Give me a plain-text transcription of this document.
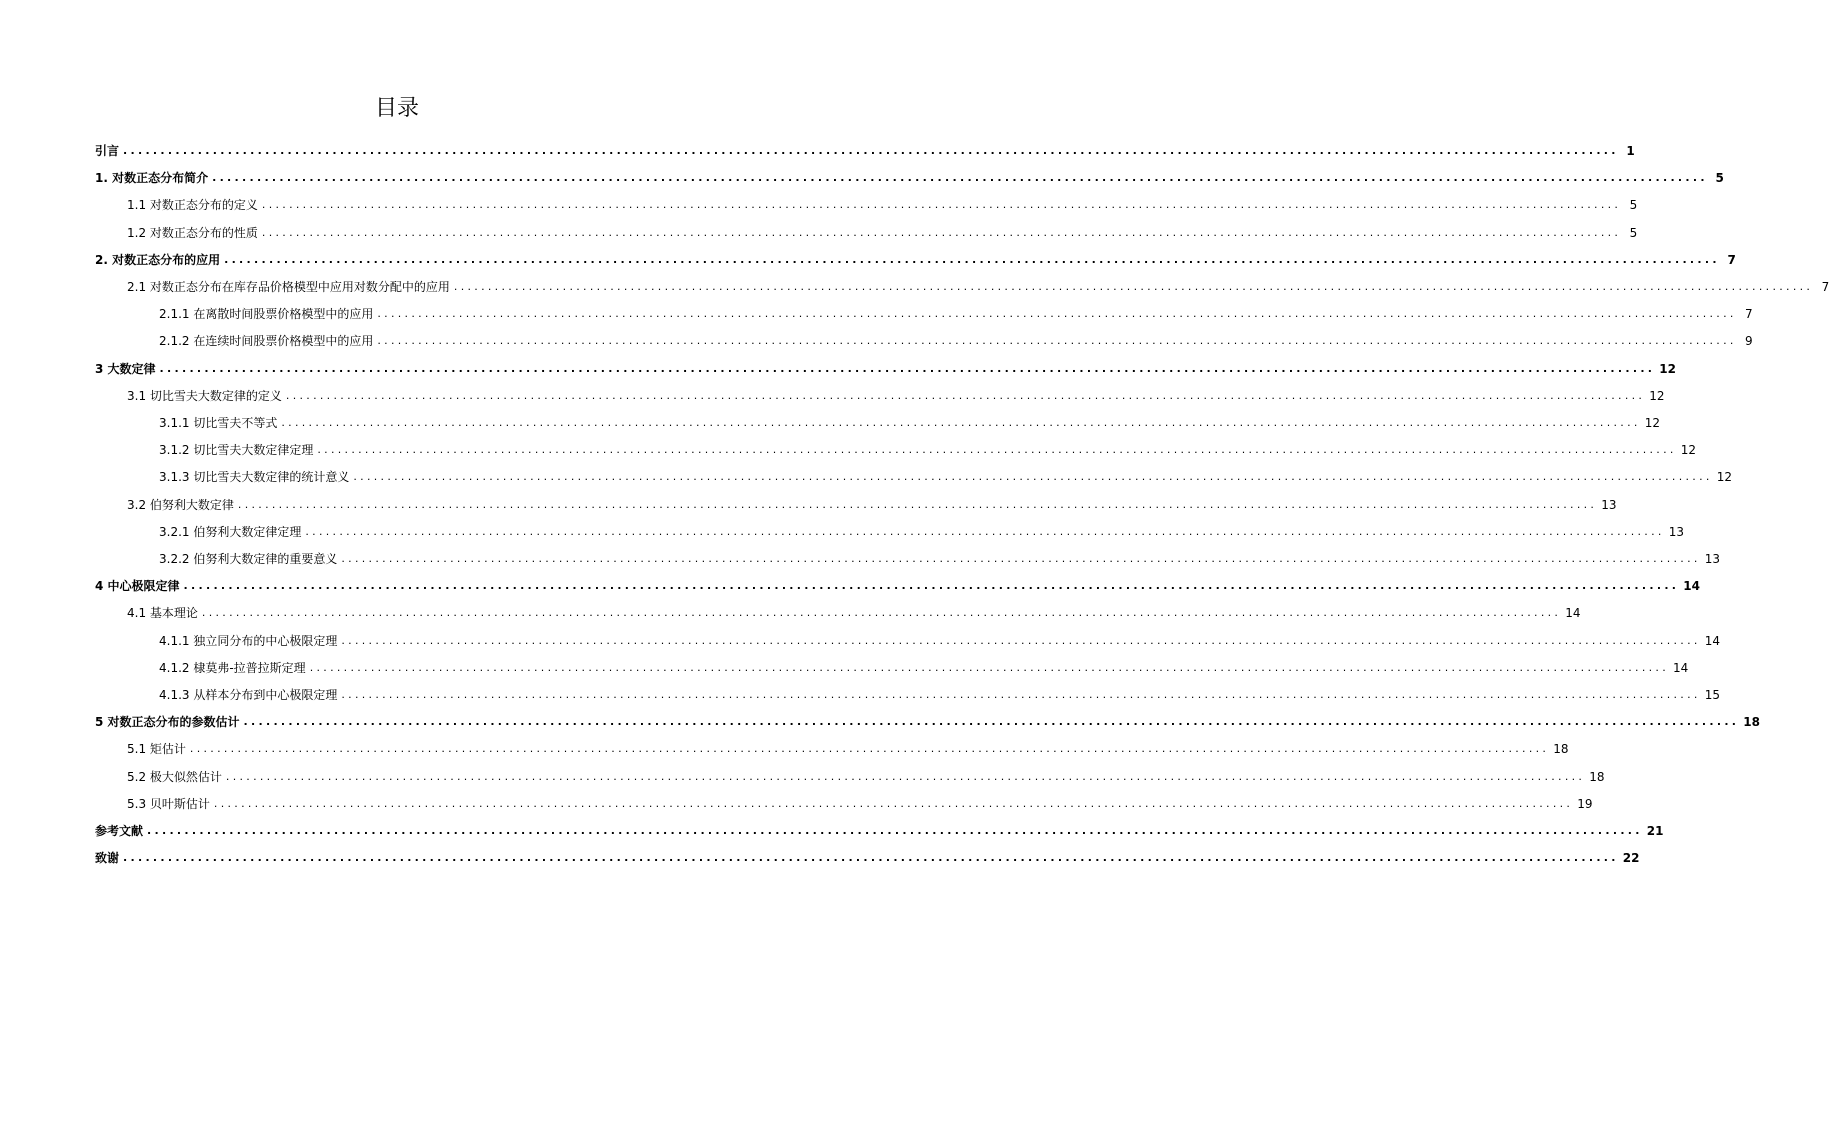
目录
引言 ........................................................................................................................................................................................................ 1
1. 对数正态分布简介 ........................................................................................................................................................................................................ 5
1.1 对数正态分布的定义 ........................................................................................................................................................................................................ 5
1.2 对数正态分布的性质 ........................................................................................................................................................................................................ 5
2. 对数正态分布的应用 ........................................................................................................................................................................................................ 7
2.1 对数正态分布在库存品价格模型中应用对数分配中的应用 ........................................................................................................................................................................................................ 7
2.1.1 在离散时间股票价格模型中的应用 ........................................................................................................................................................................................................ 7
2.1.2 在连续时间股票价格模型中的应用 ........................................................................................................................................................................................................ 9
3 大数定律 ........................................................................................................................................................................................................ 12
3.1 切比雪夫大数定律的定义 ........................................................................................................................................................................................................ 12
3.1.1 切比雪夫不等式 ........................................................................................................................................................................................................ 12
3.1.2 切比雪夫大数定律定理 ........................................................................................................................................................................................................ 12
3.1.3 切比雪夫大数定律的统计意义 ........................................................................................................................................................................................................ 12
3.2 伯努利大数定律 ........................................................................................................................................................................................................ 13
3.2.1 伯努利大数定律定理 ........................................................................................................................................................................................................ 13
3.2.2 伯努利大数定律的重要意义 ........................................................................................................................................................................................................ 13
4 中心极限定律 ........................................................................................................................................................................................................ 14
4.1 基本理论 ........................................................................................................................................................................................................ 14
4.1.1 独立同分布的中心极限定理 ........................................................................................................................................................................................................ 14
4.1.2 棣莫弗-拉普拉斯定理 ........................................................................................................................................................................................................ 14
4.1.3 从样本分布到中心极限定理 ........................................................................................................................................................................................................ 15
5 对数正态分布的参数估计 ........................................................................................................................................................................................................ 18
5.1 矩估计 ........................................................................................................................................................................................................ 18
5.2 极大似然估计 ........................................................................................................................................................................................................ 18
5.3 贝叶斯估计 ........................................................................................................................................................................................................ 19
参考文献 ........................................................................................................................................................................................................ 21
致谢 ........................................................................................................................................................................................................ 22
